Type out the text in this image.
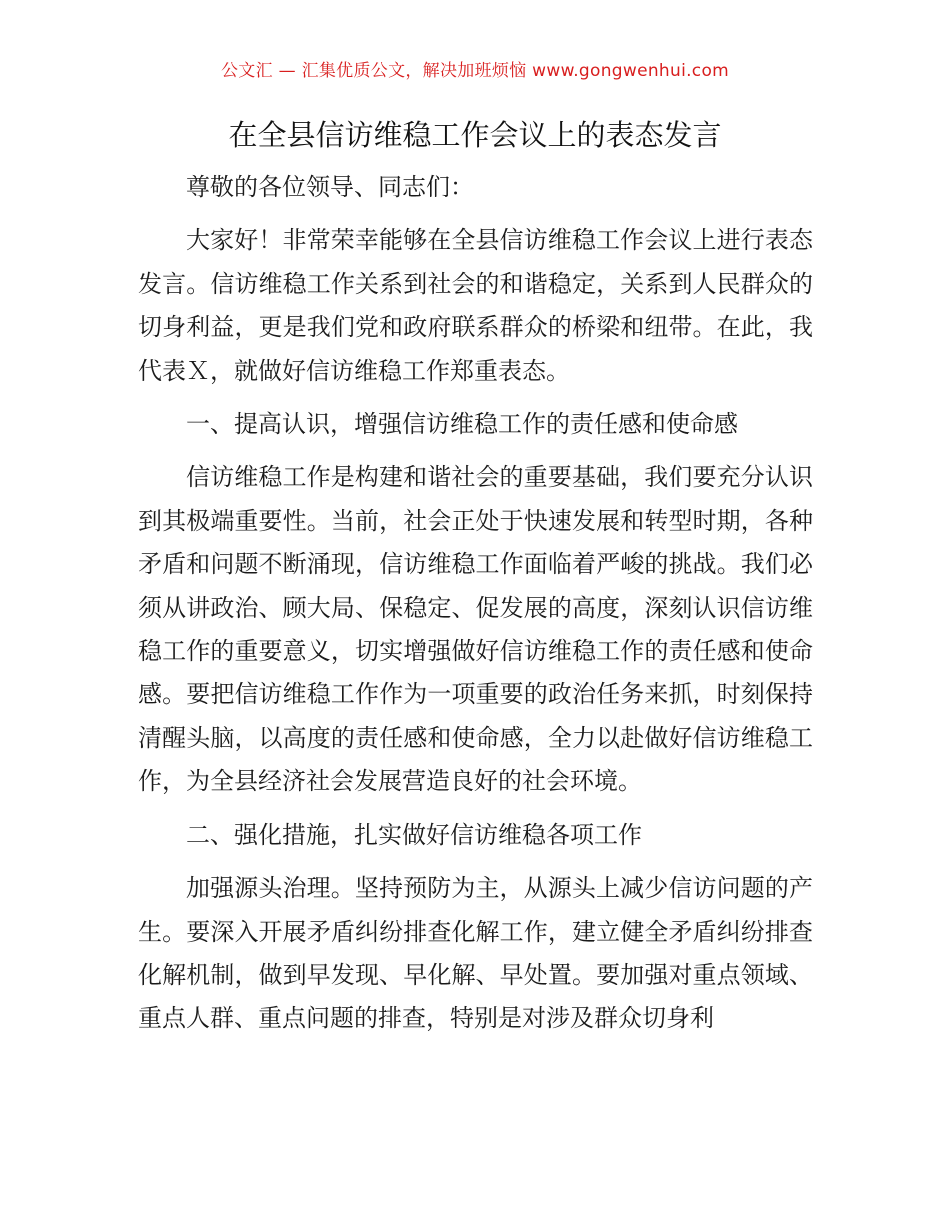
公文汇 — 汇集优质公文，解决加班烦恼 www.gongwenhui.com
在全县信访维稳工作会议上的表态发言

尊敬的各位领导、同志们：

大家好！非常荣幸能够在全县信访维稳工作会议上进行表态发言。信访维稳工作关系到社会的和谐稳定，关系到人民群众的切身利益，更是我们党和政府联系群众的桥梁和纽带。在此，我代表Ｘ，就做好信访维稳工作郑重表态。

一、提高认识，增强信访维稳工作的责任感和使命感

信访维稳工作是构建和谐社会的重要基础，我们要充分认识到其极端重要性。当前，社会正处于快速发展和转型时期，各种矛盾和问题不断涌现，信访维稳工作面临着严峻的挑战。我们必须从讲政治、顾大局、保稳定、促发展的高度，深刻认识信访维稳工作的重要意义，切实增强做好信访维稳工作的责任感和使命感。要把信访维稳工作作为一项重要的政治任务来抓，时刻保持清醒头脑，以高度的责任感和使命感，全力以赴做好信访维稳工作，为全县经济社会发展营造良好的社会环境。

二、强化措施，扎实做好信访维稳各项工作

加强源头治理。坚持预防为主，从源头上减少信访问题的产生。要深入开展矛盾纠纷排查化解工作，建立健全矛盾纠纷排查化解机制，做到早发现、早化解、早处置。要加强对重点领域、重点人群、重点问题的排查，特别是对涉及群众切身利
